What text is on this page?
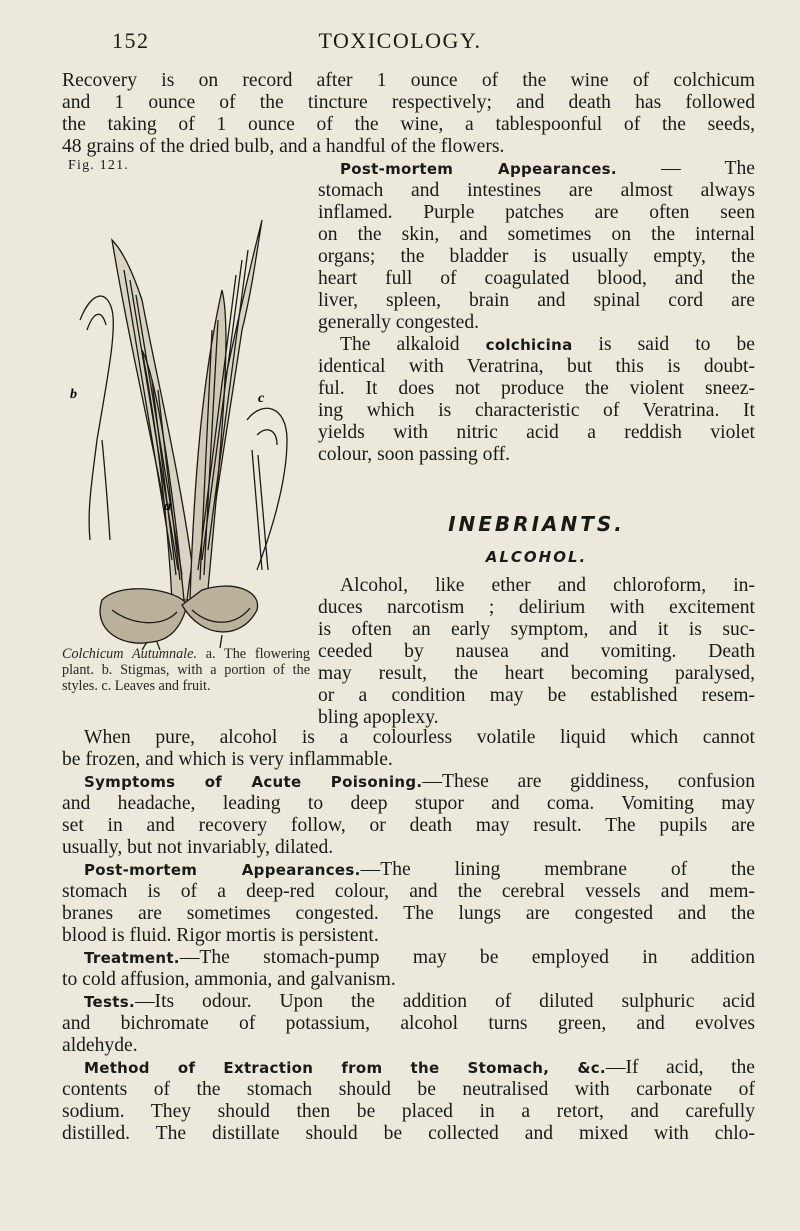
152	TOXICOLOGY.
Recovery is on record after 1 ounce of the wine of colchicum
and 1 ounce of the tincture respectively; and death has followed
the taking of 1 ounce of the wine, a tablespoonful of the seeds,
48 grains of the dried bulb, and a handful of the flowers.
Fig. 121.
b	c
a
Colchicum Autumnale. a. The flowering plant. b. Stigmas, with a portion of the styles. c. Leaves and fruit.
Post-mortem Appearances. — The
stomach and intestines are almost always
inflamed. Purple patches are often seen
on the skin, and sometimes on the internal
organs; the bladder is usually empty, the
heart full of coagulated blood, and the
liver, spleen, brain and spinal cord are
generally congested.
The alkaloid colchicina is said to be
identical with Veratrina, but this is doubt-
ful. It does not produce the violent sneez-
ing which is characteristic of Veratrina. It
yields with nitric acid a reddish violet
colour, soon passing off.
INEBRIANTS.
ALCOHOL.
Alcohol, like ether and chloroform, in-
duces narcotism ; delirium with excitement
is often an early symptom, and it is suc-
ceeded by nausea and vomiting. Death
may result, the heart becoming paralysed,
or a condition may be established resem-
bling apoplexy.
When pure, alcohol is a colourless volatile liquid which cannot
be frozen, and which is very inflammable.
Symptoms of Acute Poisoning.—These are giddiness, confusion
and headache, leading to deep stupor and coma. Vomiting may
set in and recovery follow, or death may result. The pupils are
usually, but not invariably, dilated.
Post-mortem Appearances.—The lining membrane of the
stomach is of a deep-red colour, and the cerebral vessels and mem-
branes are sometimes congested. The lungs are congested and the
blood is fluid. Rigor mortis is persistent.
Treatment.—The stomach-pump may be employed in addition
to cold affusion, ammonia, and galvanism.
Tests.—Its odour. Upon the addition of diluted sulphuric acid
and bichromate of potassium, alcohol turns green, and evolves
aldehyde.
Method of Extraction from the Stomach, &c.—If acid, the
contents of the stomach should be neutralised with carbonate of
sodium. They should then be placed in a retort, and carefully
distilled. The distillate should be collected and mixed with chlo-
